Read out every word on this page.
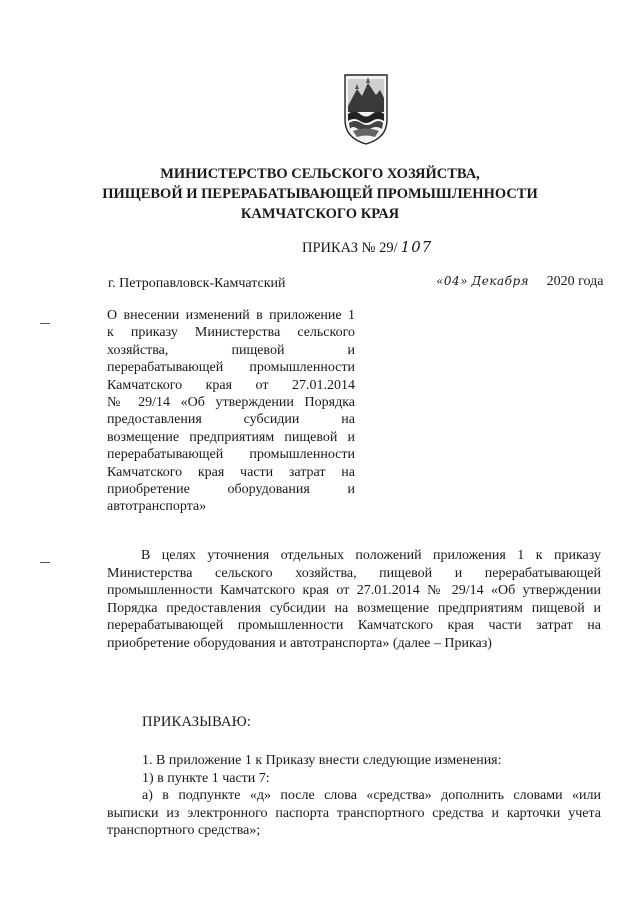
МИНИСТЕРСТВО СЕЛЬСКОГО ХОЗЯЙСТВА,
ПИЩЕВОЙ И ПЕРЕРАБАТЫВАЮЩЕЙ ПРОМЫШЛЕННОСТИ
КАМЧАТСКОГО КРАЯ
ПРИКАЗ № 29/ 107
г. Петропавловск-Камчатский	«04» Декабря 2020 года
О внесении изменений в приложение 1
к приказу Министерства сельского
хозяйства, пищевой и
перерабатывающей промышленности
Камчатского края от 27.01.2014
№ 29/14 «Об утверждении Порядка
предоставления субсидии на
возмещение предприятиям пищевой и
перерабатывающей промышленности
Камчатского края части затрат на
приобретение оборудования и
автотранспорта»
В целях уточнения отдельных положений приложения 1 к приказу
Министерства сельского хозяйства, пищевой и перерабатывающей
промышленности Камчатского края от 27.01.2014 № 29/14 «Об утверждении
Порядка предоставления субсидии на возмещение предприятиям пищевой и
перерабатывающей промышленности Камчатского края части затрат на
приобретение оборудования и автотранспорта» (далее – Приказ)
ПРИКАЗЫВАЮ:
1. В приложение 1 к Приказу внести следующие изменения:
1) в пункте 1 части 7:
а) в подпункте «д» после слова «средства» дополнить словами «или
выписки из электронного паспорта транспортного средства и карточки учета
транспортного средства»;
